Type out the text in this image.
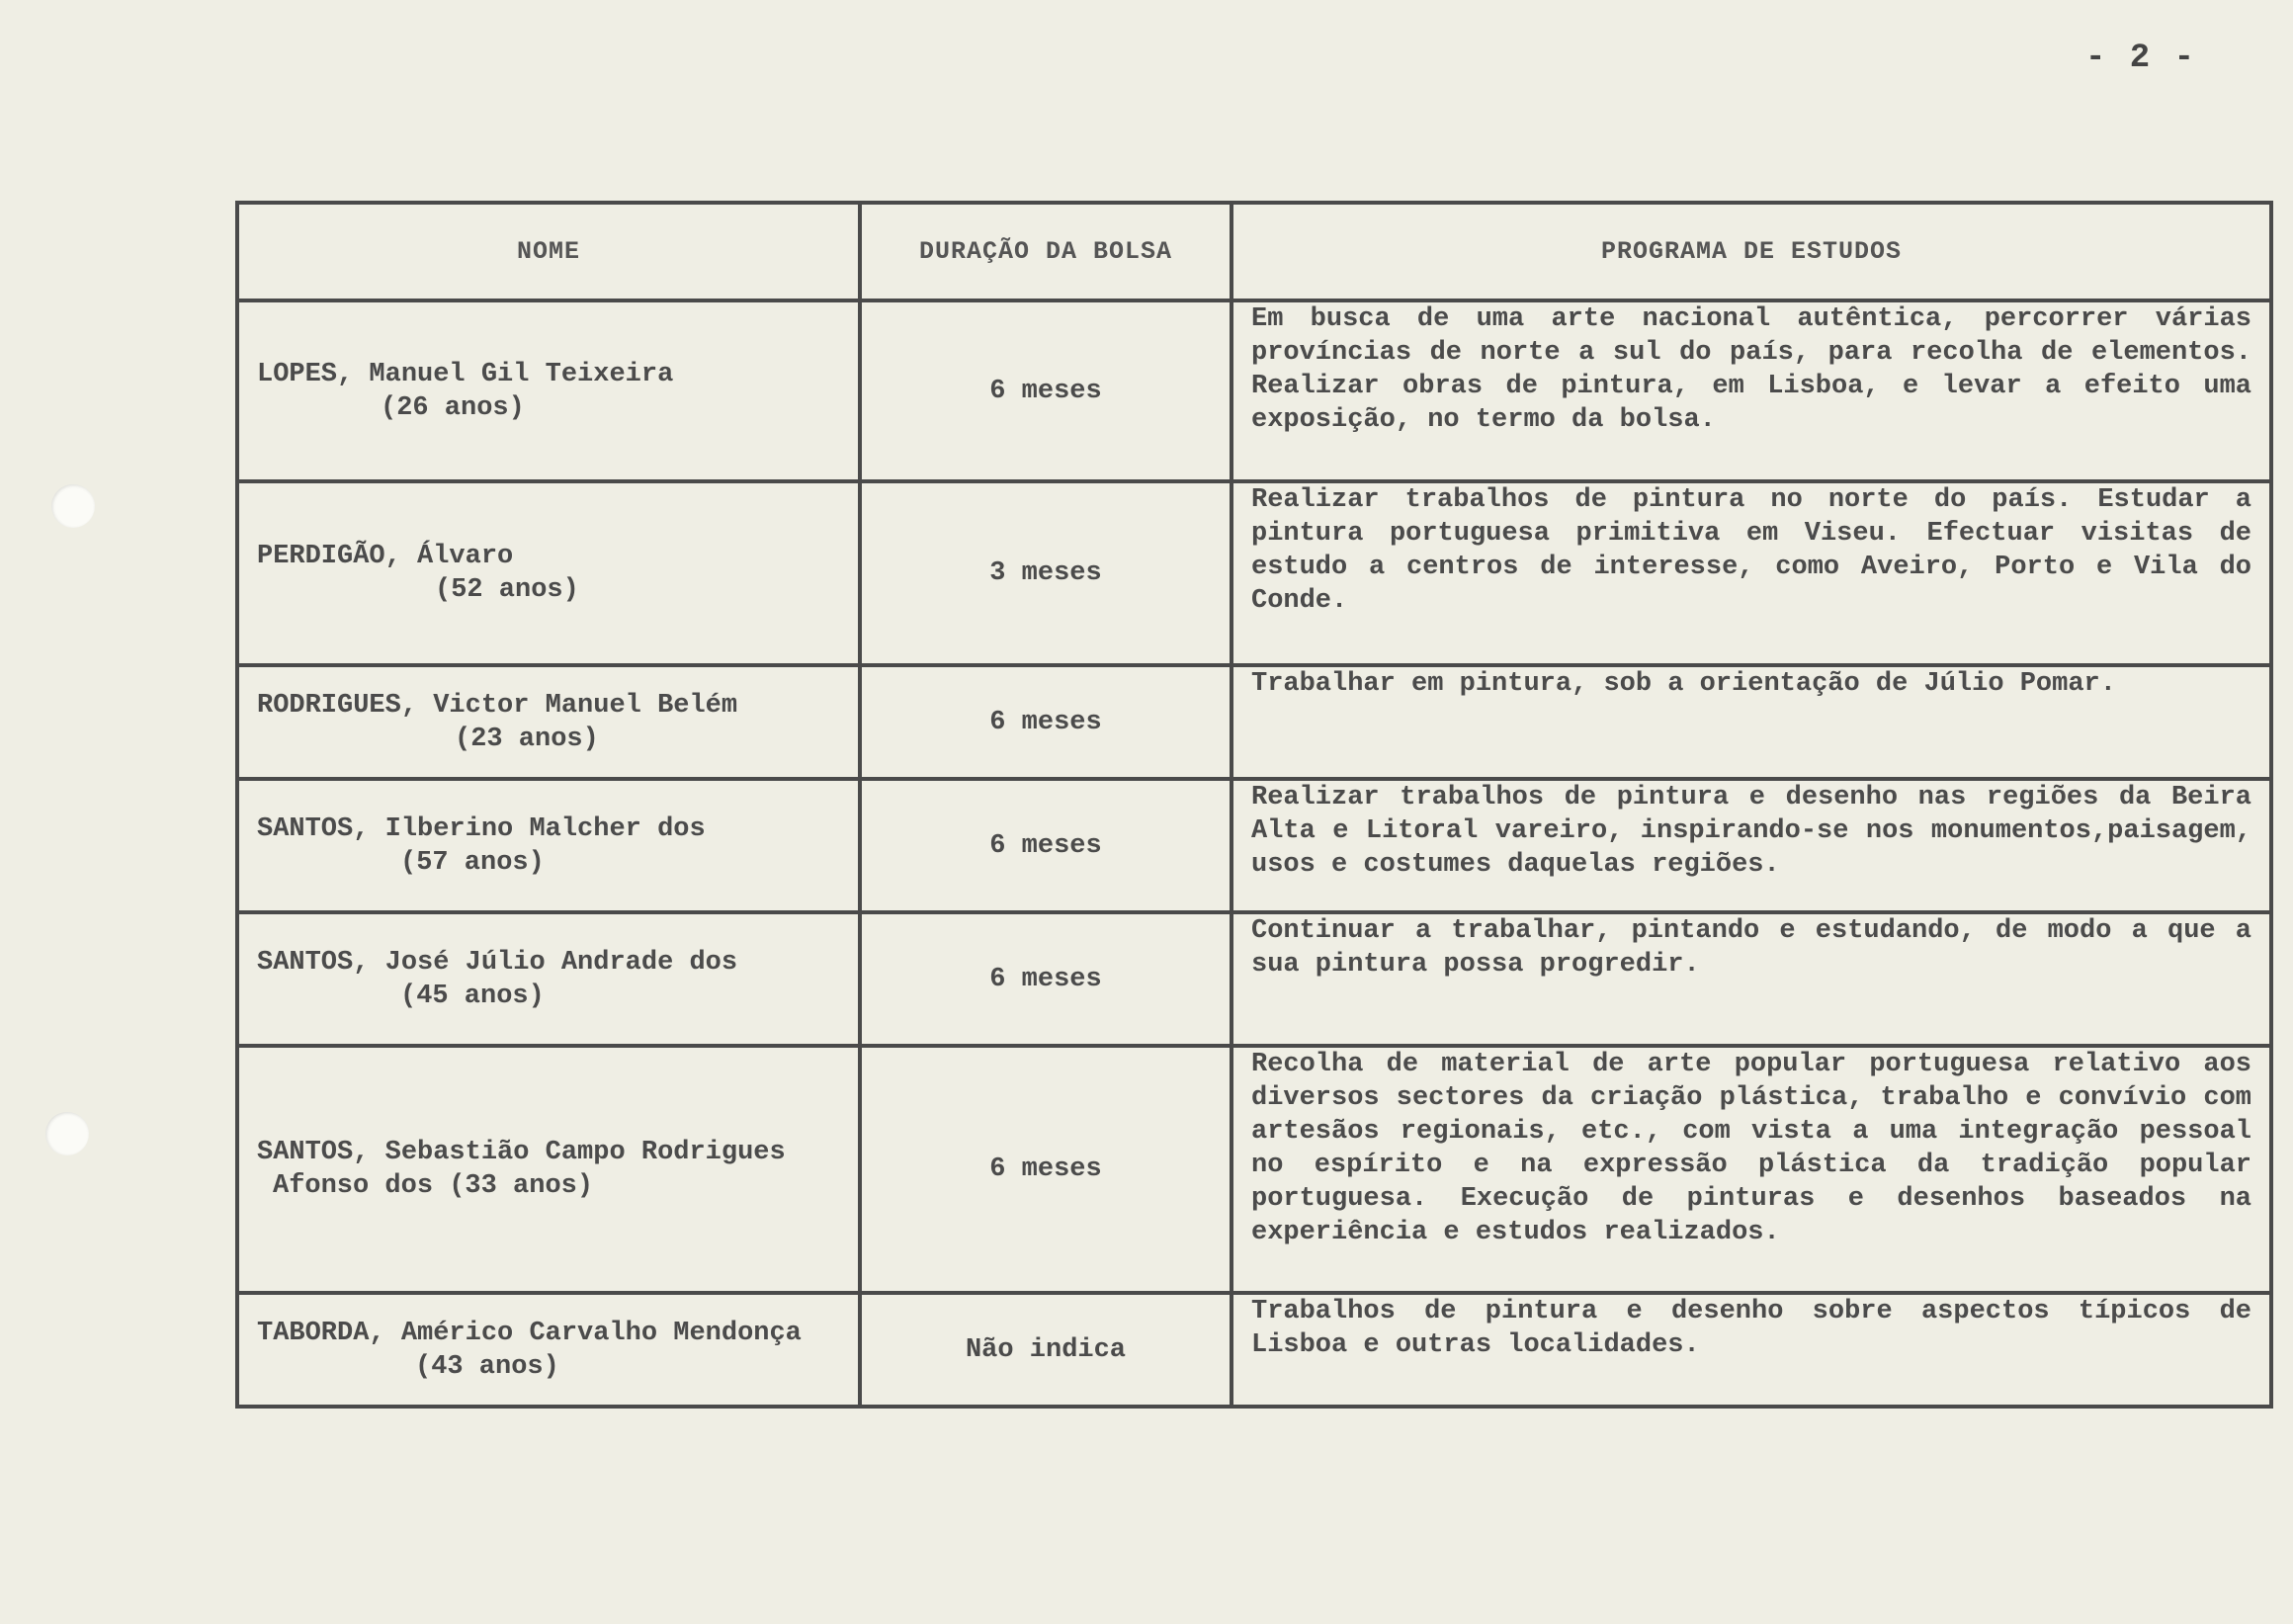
- 2 -
NOME	DURAÇÃO DA BOLSA	PROGRAMA DE ESTUDOS

LOPES, Manuel Gil Teixeira
(26 anos)	6 meses	Em busca de uma arte nacional autêntica, percorrer várias províncias de norte a sul do país, para recolha de elementos. Realizar obras de pintura, em Lisboa, e levar a efeito uma exposição, no termo da bolsa.

PERDIGÃO, Álvaro
(52 anos)	3 meses	Realizar trabalhos de pintura no norte do país. Estudar a pintura portuguesa primitiva em Viseu. Efectuar visitas de estudo a centros de interesse, como Aveiro, Porto e Vila do Conde.

RODRIGUES, Victor Manuel Belém
(23 anos)	6 meses	Trabalhar em pintura, sob a orientação de Júlio Pomar.

SANTOS, Ilberino Malcher dos
(57 anos)	6 meses	Realizar trabalhos de pintura e desenho nas regiões da Beira Alta e Litoral vareiro, inspirando-se nos monumentos,paisagem, usos e costumes daquelas regiões.

SANTOS, José Júlio Andrade dos
(45 anos)	6 meses	Continuar a trabalhar, pintando e estudando, de modo a que a sua pintura possa progredir.

SANTOS, Sebastião Campo Rodrigues
Afonso dos (33 anos)	6 meses	Recolha de material de arte popular portuguesa relativo aos diversos sectores da criação plástica, trabalho e convívio com artesãos regionais, etc., com vista a uma integração pessoal no espírito e na expressão plástica da tradição popular portuguesa. Execução de pinturas e desenhos baseados na experiência e estudos realizados.

TABORDA, Américo Carvalho Mendonça
(43 anos)	Não indica	Trabalhos de pintura e desenho sobre aspectos típicos de Lisboa e outras localidades.
